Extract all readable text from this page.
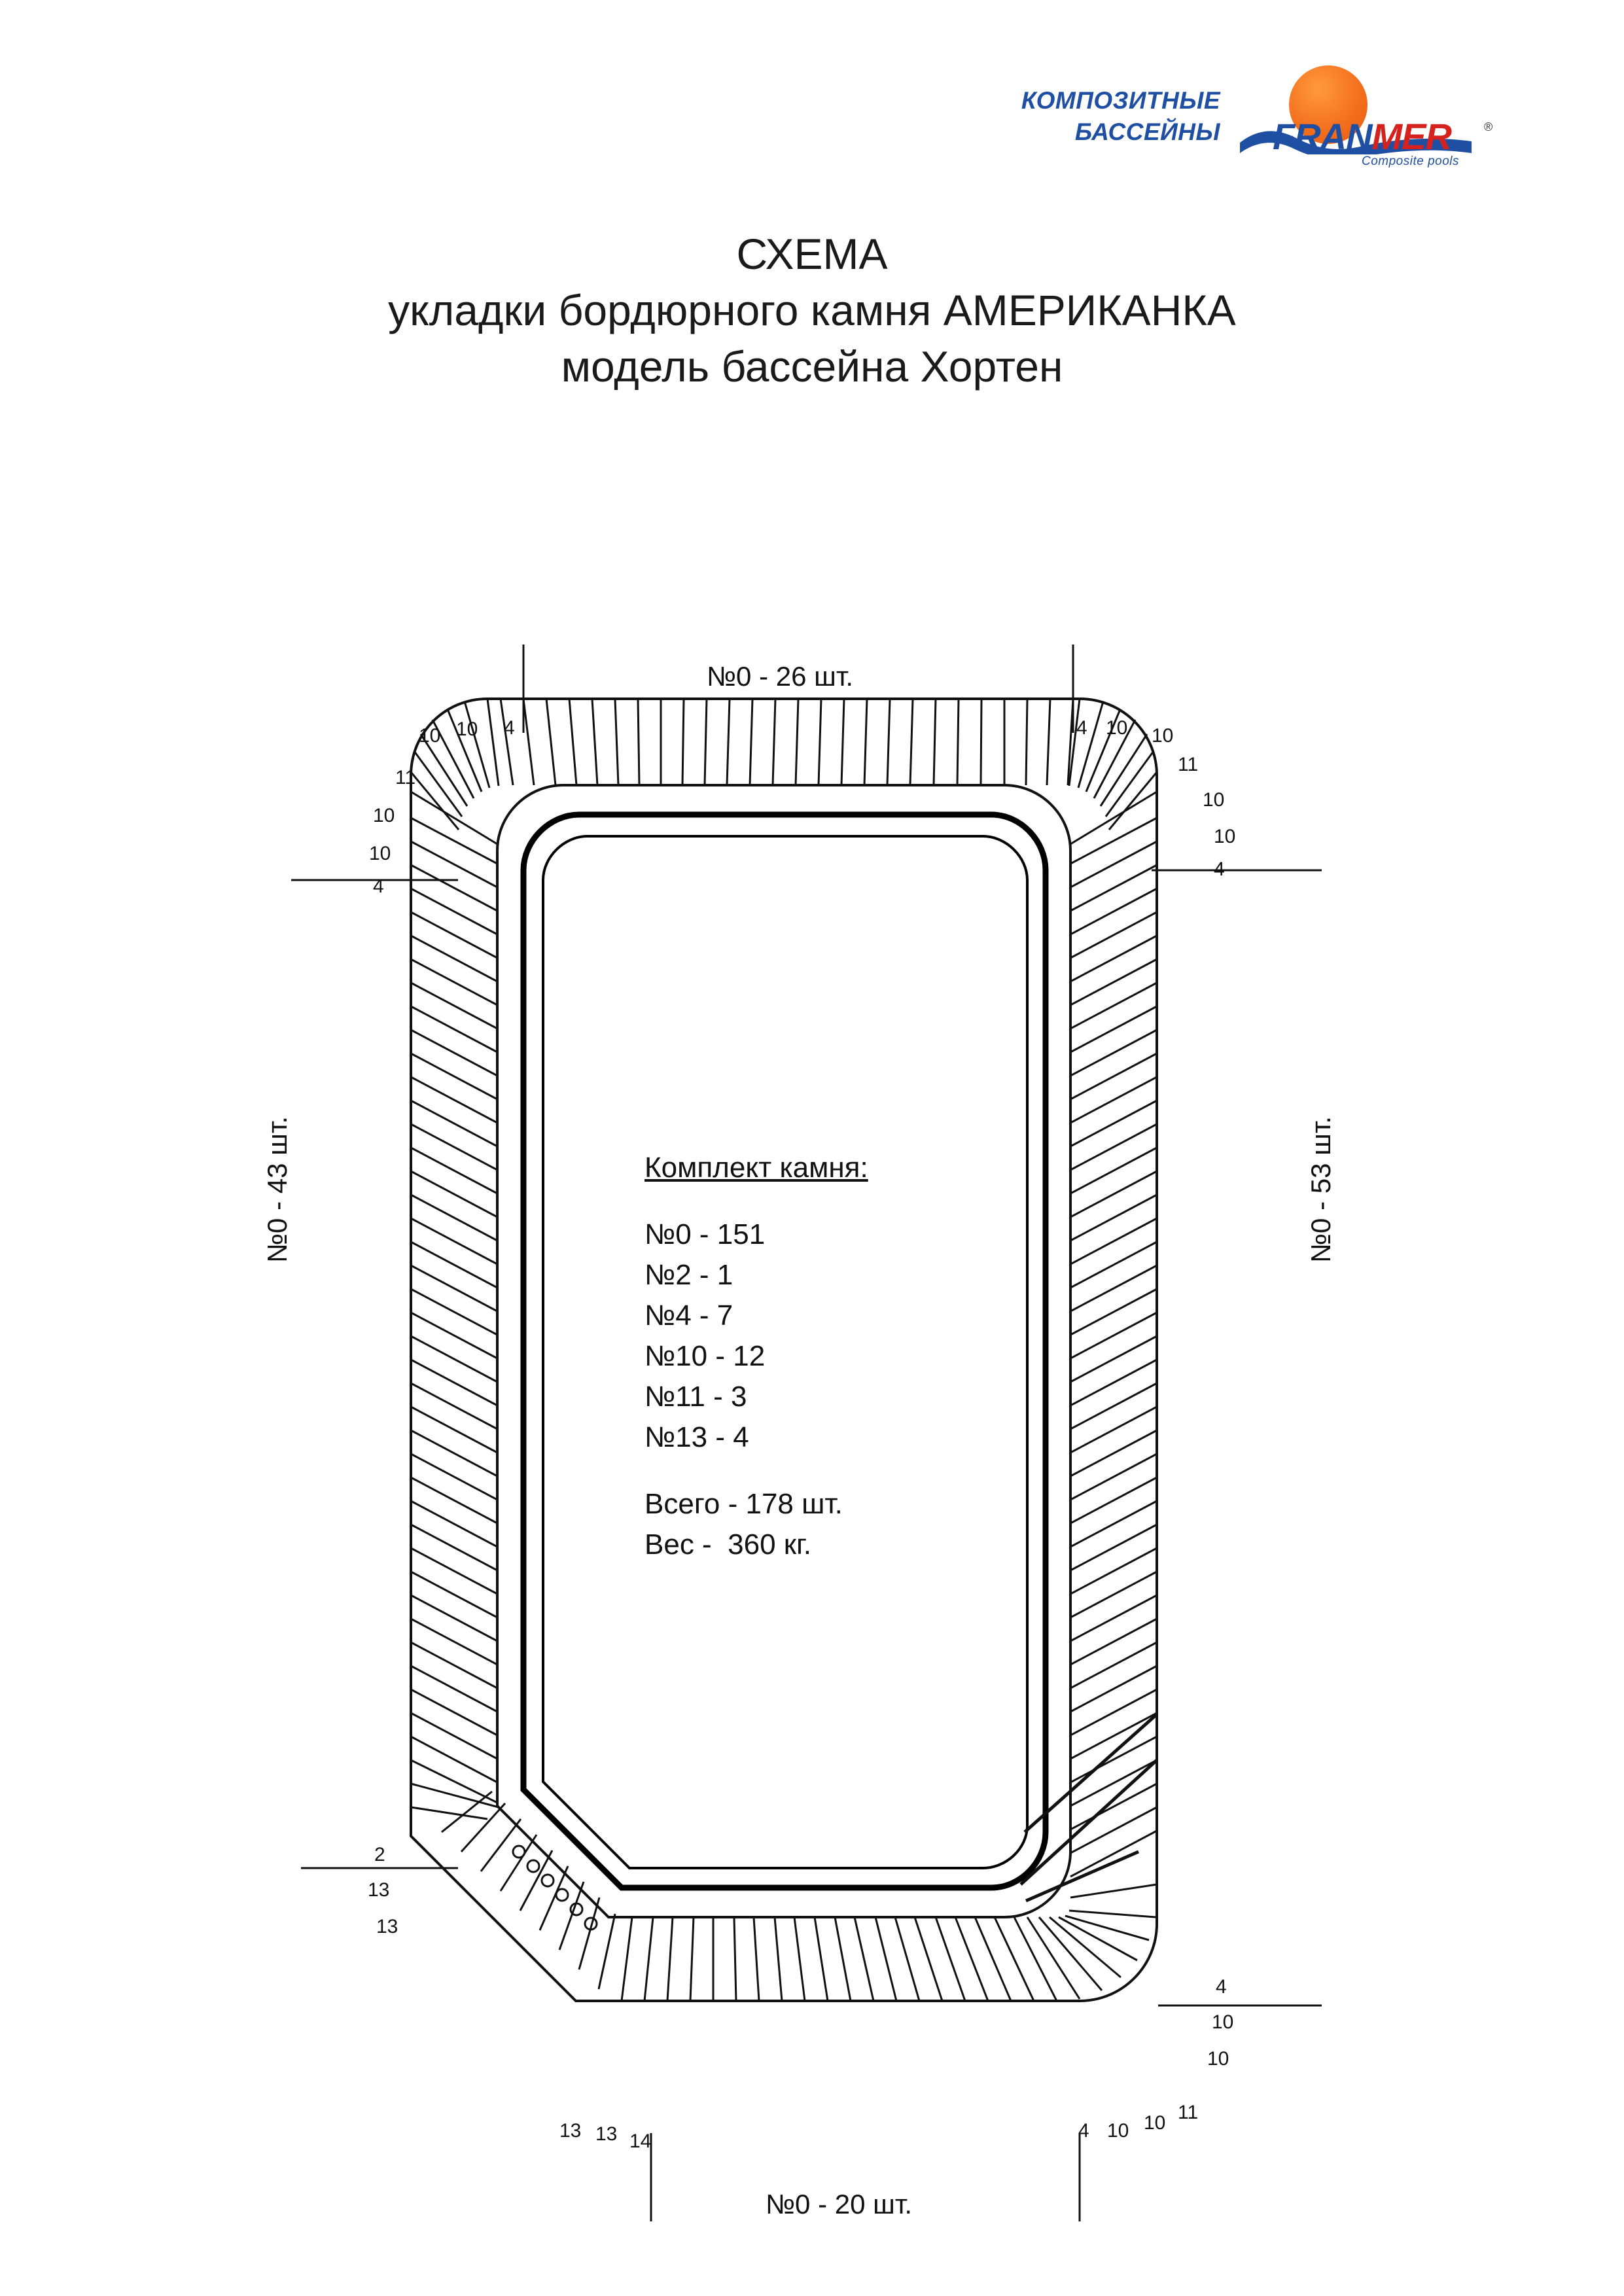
КОМПОЗИТНЫЕ
БАССЕЙНЫ FRANMER	®
Composite pools
СХЕМА
укладки бордюрного камня АМЕРИКАНКА
модель бассейна Хортен
Комплект камня:
№0 - 151
№2 - 1
№4 - 7
№10 - 12
№11 - 3
№13 - 4
Всего - 178 шт.
Вес -  360 кг.
№0 - 26 шт.
№0 - 20 шт.
№0 - 43 шт.	№0 - 53 шт.
10 10 4
11
10
10
4
4 10 10
11
10
10
4
2
13
13
13 13 14
4
10
10
4 10 10 11
